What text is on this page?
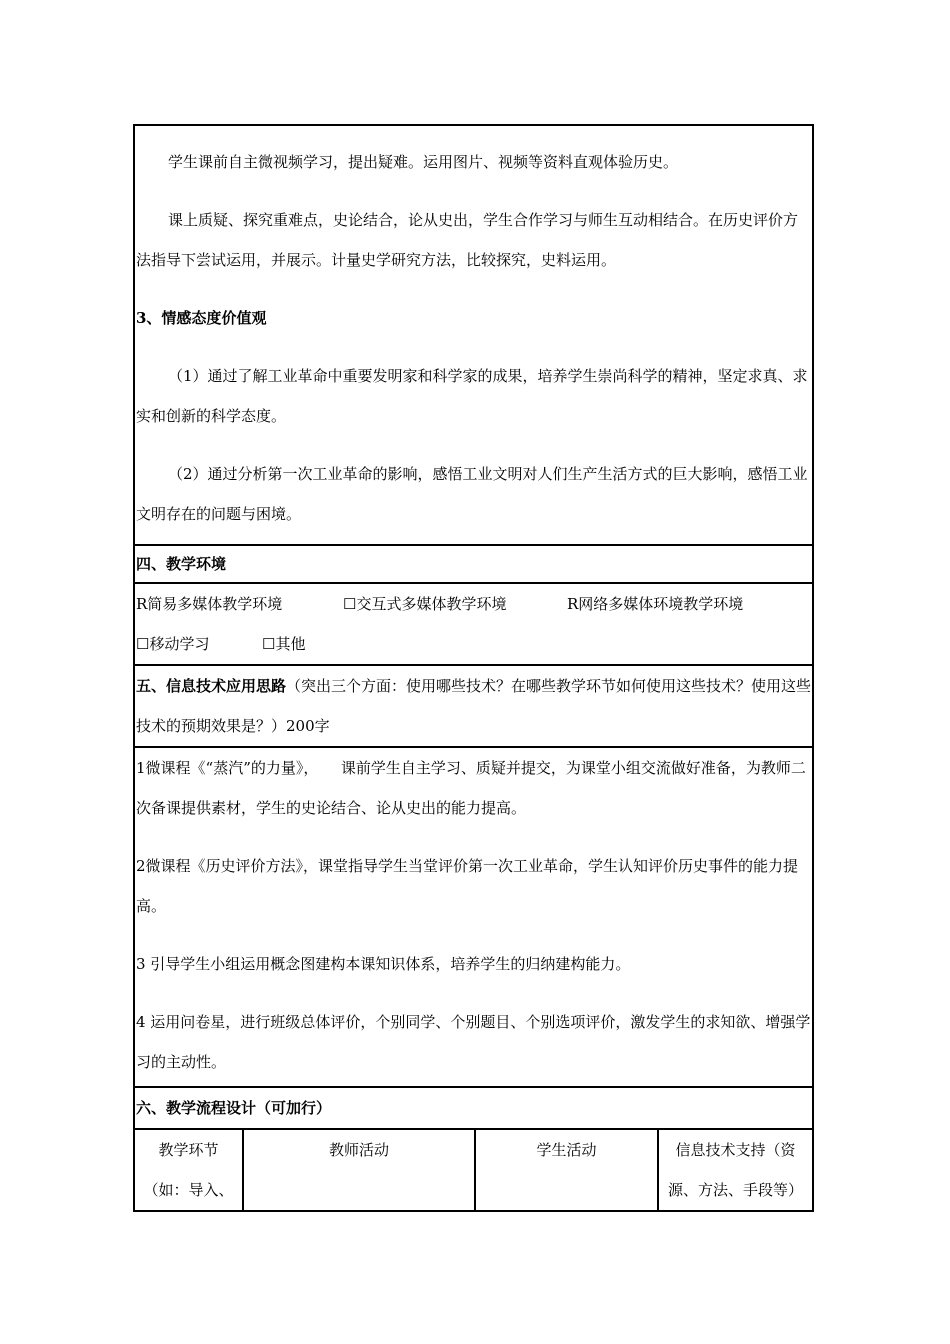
学生课前自主微视频学习，提出疑难。运用图片、视频等资料直观体验历史。

课上质疑、探究重难点，史论结合，论从史出，学生合作学习与师生互动相结合。在历史评价方法指导下尝试运用，并展示。计量史学研究方法，比较探究，史料运用。

3、情感态度价值观

（1）通过了解工业革命中重要发明家和科学家的成果，培养学生崇尚科学的精神，坚定求真、求实和创新的科学态度。

（2）通过分析第一次工业革命的影响，感悟工业文明对人们生产生活方式的巨大影响，感悟工业文明存在的问题与困境。

四、教学环境

R简易多媒体教学环境	☐交互式多媒体教学环境	R网络多媒体环境教学环境
☐移动学习	☐其他

五、信息技术应用思路（突出三个方面：使用哪些技术？在哪些教学环节如何使用这些技术？使用这些技术的预期效果是？）200字

1微课程《“蒸汽”的力量》，　　课前学生自主学习、质疑并提交，为课堂小组交流做好准备，为教师二次备课提供素材，学生的史论结合、论从史出的能力提高。

2微课程《历史评价方法》，课堂指导学生当堂评价第一次工业革命，学生认知评价历史事件的能力提高。

3 引导学生小组运用概念图建构本课知识体系，培养学生的归纳建构能力。

4 运用问卷星，进行班级总体评价，个别同学、个别题目、个别选项评价，激发学生的求知欲、增强学习的主动性。

六、教学流程设计（可加行）

教学环节（如：导入、	教师活动	学生活动	信息技术支持（资源、方法、手段等）
